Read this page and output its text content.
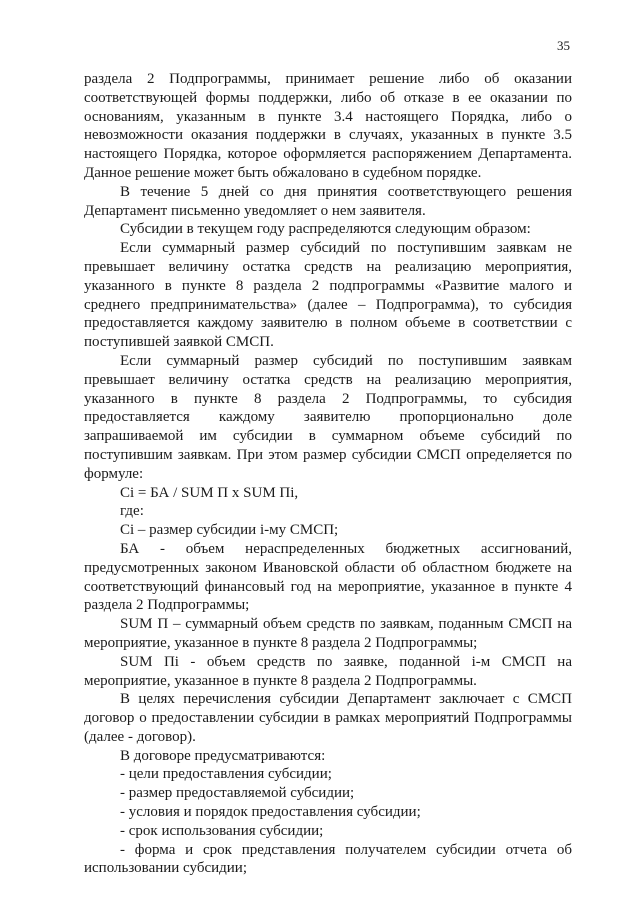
35

раздела 2 Подпрограммы, принимает решение либо об оказании соответствующей формы поддержки, либо об отказе в ее оказании по основаниям, указанным в пункте 3.4 настоящего Порядка, либо о невозможности оказания поддержки в случаях, указанных в пункте 3.5 настоящего Порядка, которое оформляется распоряжением Департамента. Данное решение может быть обжаловано в судебном порядке.

В течение 5 дней со дня принятия соответствующего решения Департамент письменно уведомляет о нем заявителя.

Субсидии в текущем году распределяются следующим образом:

Если суммарный размер субсидий по поступившим заявкам не превышает величину остатка средств на реализацию мероприятия, указанного в пункте 8 раздела 2 подпрограммы «Развитие малого и среднего предпринимательства» (далее – Подпрограмма), то субсидия предоставляется каждому заявителю в полном объеме в соответствии с поступившей заявкой СМСП.

Если суммарный размер субсидий по поступившим заявкам превышает величину остатка средств на реализацию мероприятия, указанного в пункте 8 раздела 2 Подпрограммы, то субсидия предоставляется каждому заявителю пропорционально доле запрашиваемой им субсидии в суммарном объеме субсидий по поступившим заявкам. При этом размер субсидии СМСП определяется по формуле:

Ci = БА / SUM П x SUM Пi,

где:

Ci – размер субсидии i-му СМСП;

БА - объем нераспределенных бюджетных ассигнований, предусмотренных законом Ивановской области об областном бюджете на соответствующий финансовый год на мероприятие, указанное в пункте 4 раздела 2 Подпрограммы;

SUM П – суммарный объем средств по заявкам, поданным СМСП на мероприятие, указанное в пункте 8 раздела 2 Подпрограммы;

SUM Пi - объем средств по заявке, поданной i-м СМСП на мероприятие, указанное в пункте 8 раздела 2 Подпрограммы.

В целях перечисления субсидии Департамент заключает с СМСП договор о предоставлении субсидии в рамках мероприятий Подпрограммы (далее - договор).

В договоре предусматриваются:

- цели предоставления субсидии;

- размер предоставляемой субсидии;

- условия и порядок предоставления субсидии;

- срок использования субсидии;

- форма и срок представления получателем субсидии отчета об использовании субсидии;
